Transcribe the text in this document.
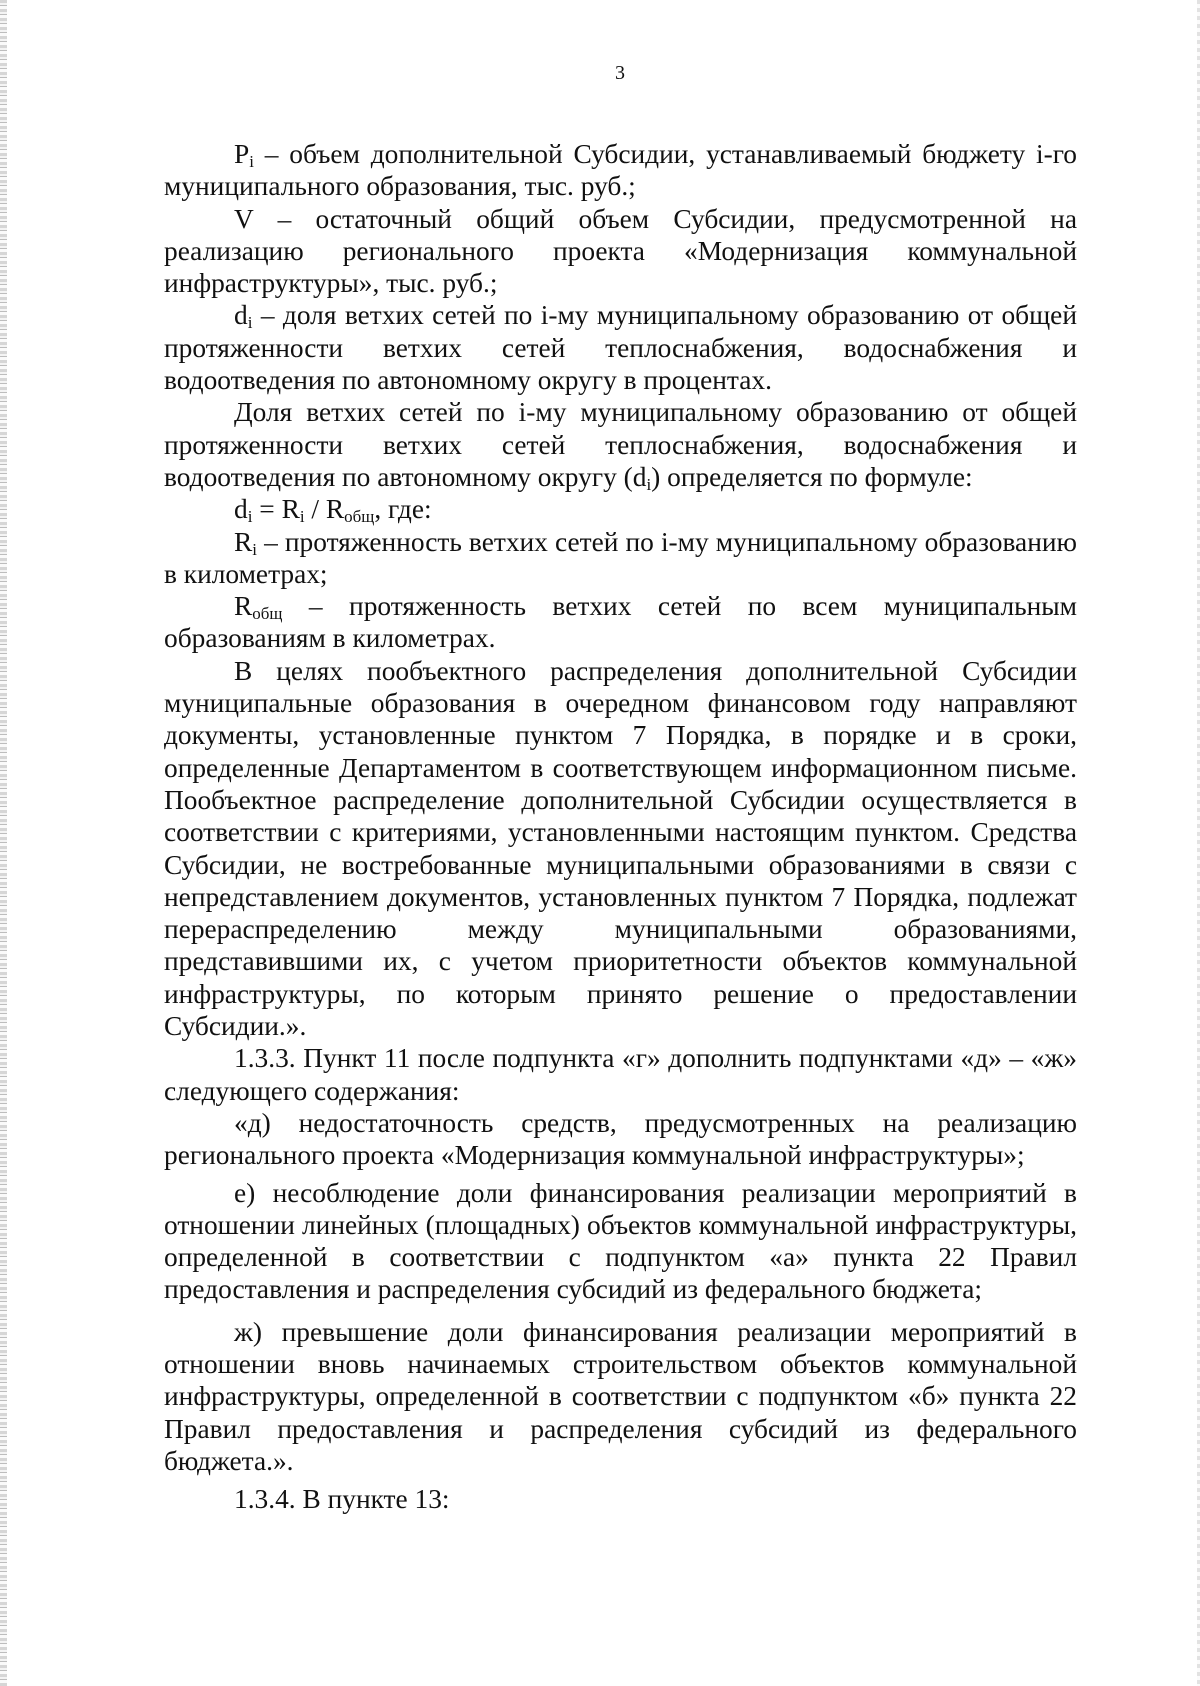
3

$P_i$ – объем дополнительной Субсидии, устанавливаемый бюджету i-го муниципального образования, тыс. руб.;

V – остаточный общий объем Субсидии, предусмотренной на реализацию регионального проекта «Модернизация коммунальной инфраструктуры», тыс. руб.;

$d_i$ – доля ветхих сетей по i-му муниципальному образованию от общей протяженности ветхих сетей теплоснабжения, водоснабжения и водоотведения по автономному округу в процентах.

Доля ветхих сетей по i-му муниципальному образованию от общей протяженности ветхих сетей теплоснабжения, водоснабжения и водоотведения по автономному округу $(d_i)$ определяется по формуле:

$d_i = R_i / R_{общ}$, где:

$R_i$ – протяженность ветхих сетей по i-му муниципальному образованию в километрах;

$R_{общ}$ – протяженность ветхих сетей по всем муниципальным образованиям в километрах.

В целях пообъектного распределения дополнительной Субсидии муниципальные образования в очередном финансовом году направляют документы, установленные пунктом 7 Порядка, в порядке и в сроки, определенные Департаментом в соответствующем информационном письме. Пообъектное распределение дополнительной Субсидии осуществляется в соответствии с критериями, установленными настоящим пунктом. Средства Субсидии, не востребованные муниципальными образованиями в связи с непредставлением документов, установленных пунктом 7 Порядка, подлежат перераспределению между муниципальными образованиями, представившими их, с учетом приоритетности объектов коммунальной инфраструктуры, по которым принято решение о предоставлении Субсидии.».

1.3.3. Пункт 11 после подпункта «г» дополнить подпунктами «д» – «ж» следующего содержания:

«д) недостаточность средств, предусмотренных на реализацию регионального проекта «Модернизация коммунальной инфраструктуры»;

е) несоблюдение доли финансирования реализации мероприятий в отношении линейных (площадных) объектов коммунальной инфраструктуры, определенной в соответствии с подпунктом «а» пункта 22 Правил предоставления и распределения субсидий из федерального бюджета;

ж) превышение доли финансирования реализации мероприятий в отношении вновь начинаемых строительством объектов коммунальной инфраструктуры, определенной в соответствии с подпунктом «б» пункта 22 Правил предоставления и распределения субсидий из федерального бюджета.».

1.3.4. В пункте 13:
